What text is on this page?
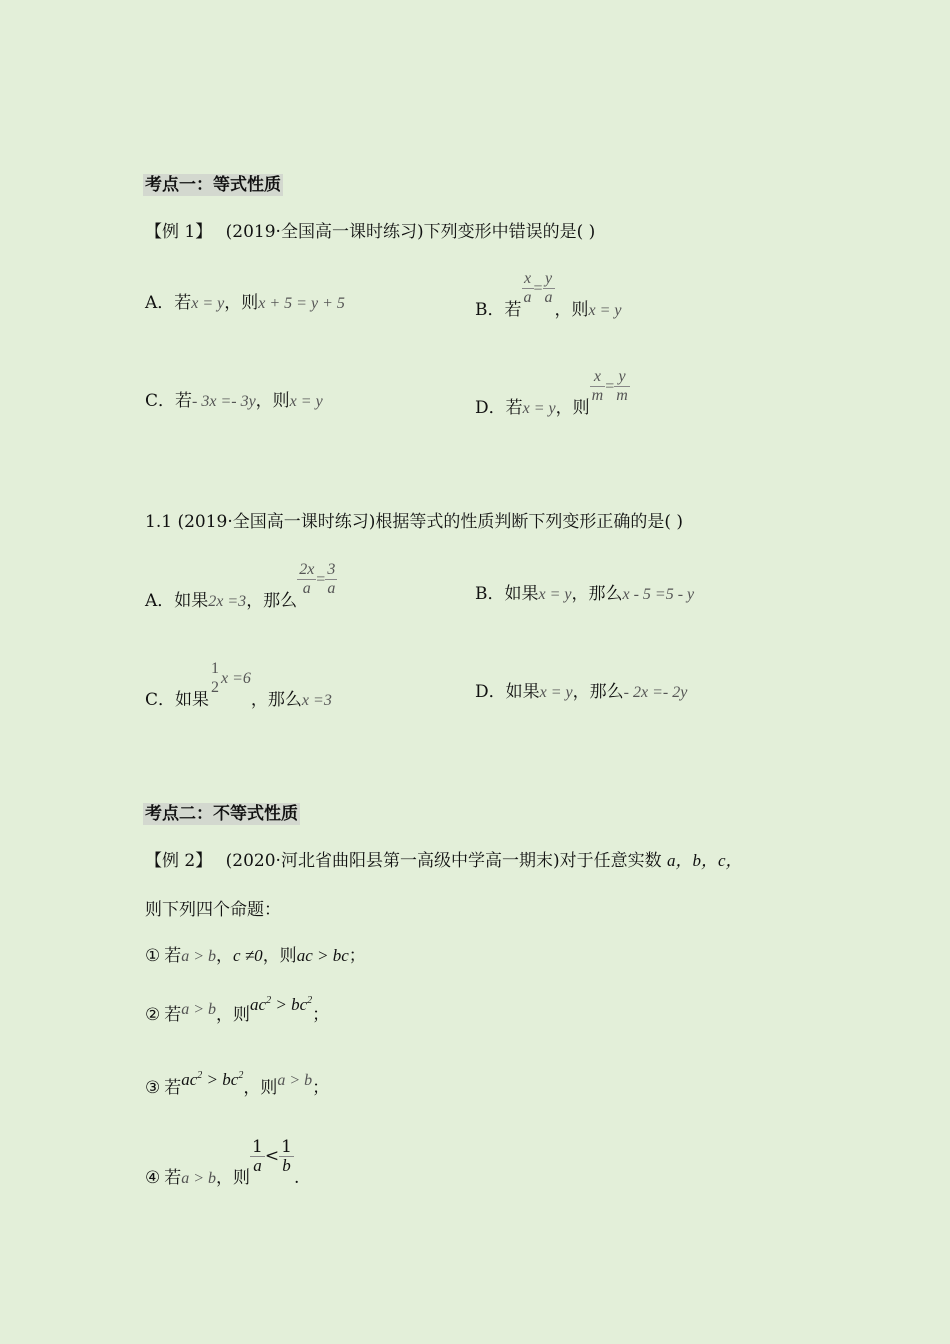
考点一：等式性质
【例 1】 (2019·全国高一课时练习)下列变形中错误的是( )
A．若x = y，则x + 5 = y + 5	B．若
$\frac{x}{a} = \frac{y}{a}$
，则x = y
C．若- 3x =- 3y，则x = y	D．若x = y，则
$\frac{x}{m} = \frac{y}{m}$
1.1 (2019·全国高一课时练习)根据等式的性质判断下列变形正确的是( )
A．如果2x =3，那么
$\frac{2x}{a} = \frac{3}{a}$	B．如果x = y，那么x - 5 =5 - y
C．如果
1
2
x =6，那么x =3	D．如果x = y，那么- 2x =- 2y
考点二：不等式性质
【例 2】 (2020·河北省曲阳县第一高级中学高一期末)对于任意实数 a，b，c，
则下列四个命题：
① 若a > b，c ≠0，则ac > bc；
② 若a > b，则$ac^2 > bc^2$；
③ 若$ac^2 > bc^2$，则a > b；
④ 若a > b，则
$\frac{1}{a} < \frac{1}{b}$
.
